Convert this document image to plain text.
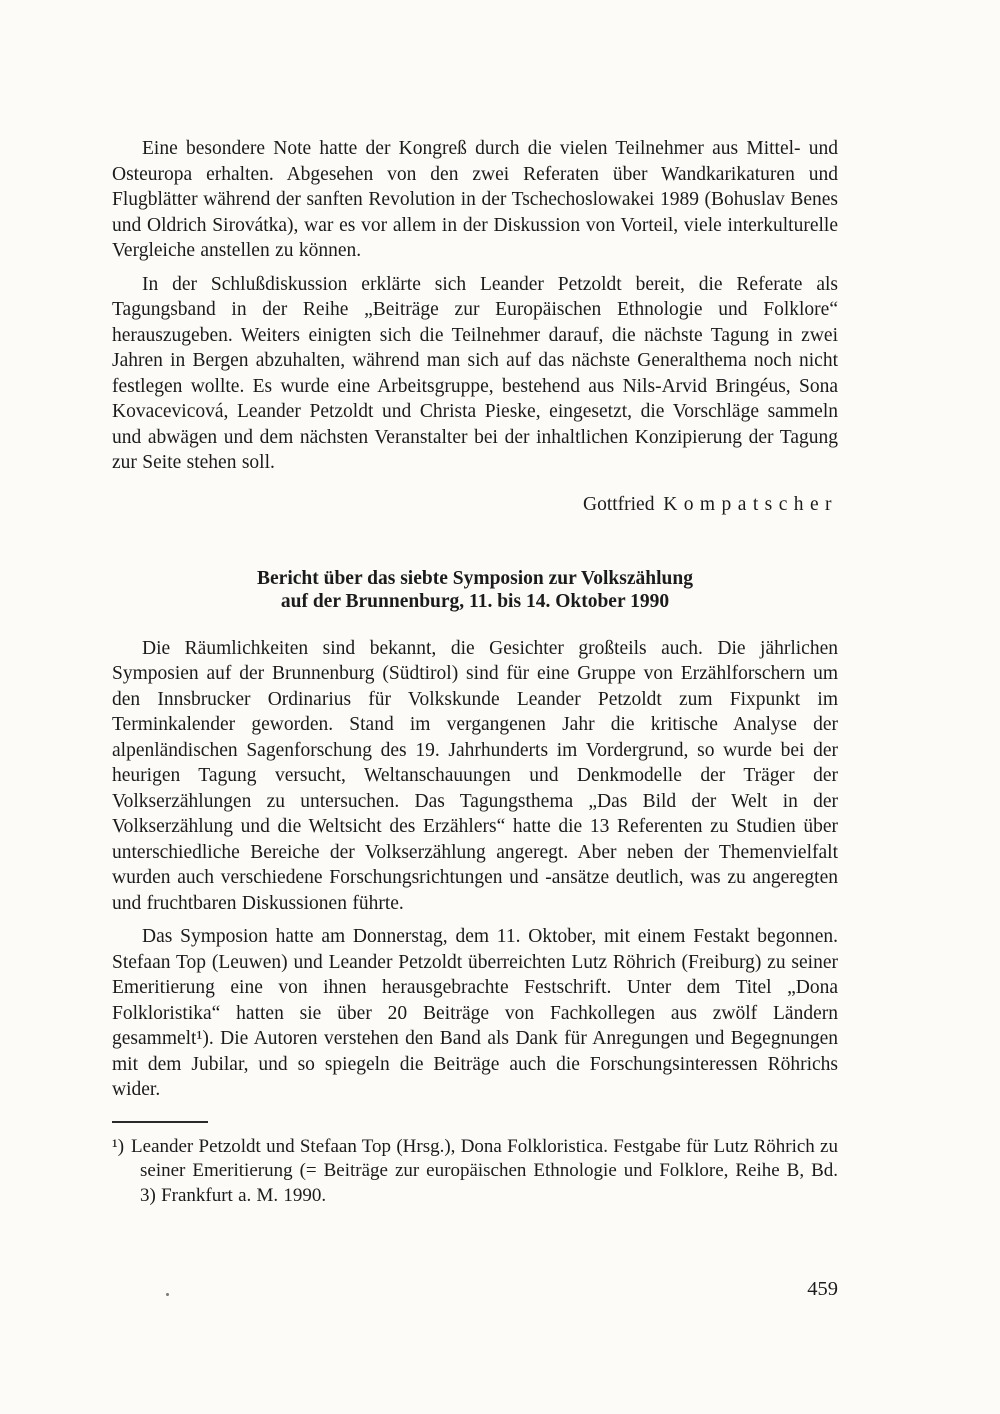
Eine besondere Note hatte der Kongreß durch die vielen Teilnehmer aus Mittel- und Osteuropa erhalten. Abgesehen von den zwei Referaten über Wandkarikaturen und Flugblätter während der sanften Revolution in der Tschechoslowakei 1989 (Bohuslav Benes und Oldrich Sirovátka), war es vor allem in der Diskussion von Vorteil, viele interkulturelle Vergleiche anstellen zu können.

In der Schlußdiskussion erklärte sich Leander Petzoldt bereit, die Referate als Tagungsband in der Reihe „Beiträge zur Europäischen Ethnologie und Folklore“ herauszugeben. Weiters einigten sich die Teilnehmer darauf, die nächste Tagung in zwei Jahren in Bergen abzuhalten, während man sich auf das nächste Generalthema noch nicht festlegen wollte. Es wurde eine Arbeitsgruppe, bestehend aus Nils-Arvid Bringéus, Sona Kovacevicová, Leander Petzoldt und Christa Pieske, eingesetzt, die Vorschläge sammeln und abwägen und dem nächsten Veranstalter bei der inhaltlichen Konzipierung der Tagung zur Seite stehen soll.

Gottfried Kompatscher
Bericht über das siebte Symposion zur Volkszählung
auf der Brunnenburg, 11. bis 14. Oktober 1990

Die Räumlichkeiten sind bekannt, die Gesichter großteils auch. Die jährlichen Symposien auf der Brunnenburg (Südtirol) sind für eine Gruppe von Erzählforschern um den Innsbrucker Ordinarius für Volkskunde Leander Petzoldt zum Fixpunkt im Terminkalender geworden. Stand im vergangenen Jahr die kritische Analyse der alpenländischen Sagenforschung des 19. Jahrhunderts im Vordergrund, so wurde bei der heurigen Tagung versucht, Weltanschauungen und Denkmodelle der Träger der Volkserzählungen zu untersuchen. Das Tagungsthema „Das Bild der Welt in der Volkserzählung und die Weltsicht des Erzählers“ hatte die 13 Referenten zu Studien über unterschiedliche Bereiche der Volkserzählung angeregt. Aber neben der Themenvielfalt wurden auch verschiedene Forschungsrichtungen und -ansätze deutlich, was zu angeregten und fruchtbaren Diskussionen führte.

Das Symposion hatte am Donnerstag, dem 11. Oktober, mit einem Festakt begonnen. Stefaan Top (Leuwen) und Leander Petzoldt überreichten Lutz Röhrich (Freiburg) zu seiner Emeritierung eine von ihnen herausgebrachte Festschrift. Unter dem Titel „Dona Folkloristika“ hatten sie über 20 Beiträge von Fachkollegen aus zwölf Ländern gesammelt¹). Die Autoren verstehen den Band als Dank für Anregungen und Begegnungen mit dem Jubilar, und so spiegeln die Beiträge auch die Forschungsinteressen Röhrichs wider.

¹) Leander Petzoldt und Stefaan Top (Hrsg.), Dona Folkloristica. Festgabe für Lutz Röhrich zu seiner Emeritierung (= Beiträge zur europäischen Ethnologie und Folklore, Reihe B, Bd. 3) Frankfurt a. M. 1990.
459
